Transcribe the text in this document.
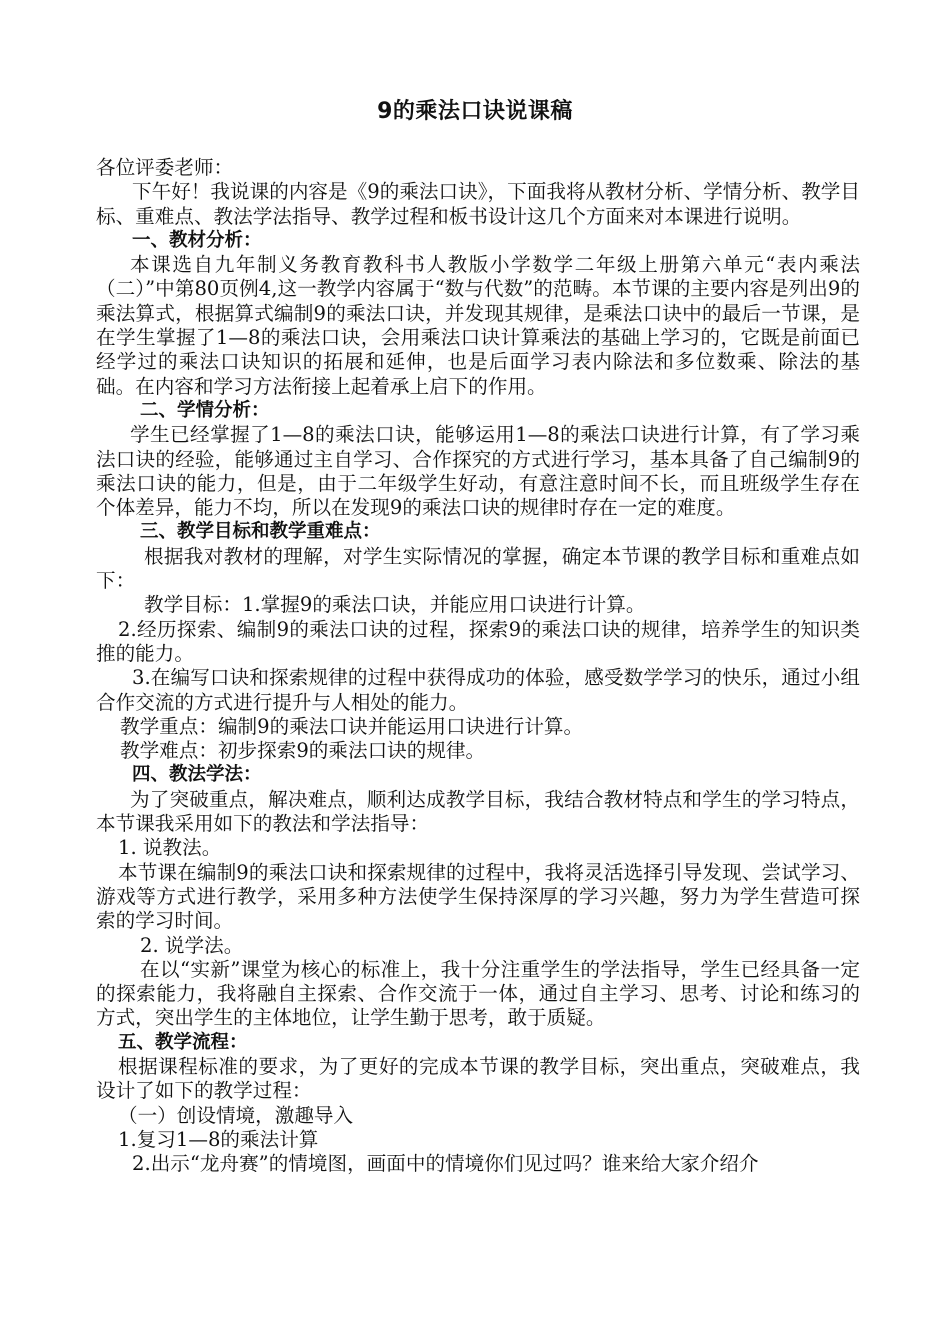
9的乘法口诀说课稿

各位评委老师：

下午好！我说课的内容是《9的乘法口诀》，下面我将从教材分析、学情分析、教学目标、重难点、教法学法指导、教学过程和板书设计这几个方面来对本课进行说明。

一、教材分析：

本课选自九年制义务教育教科书人教版小学数学二年级上册第六单元“表内乘法（二）”中第80页例4,这一教学内容属于“数与代数”的范畴。本节课的主要内容是列出9的乘法算式，根据算式编制9的乘法口诀，并发现其规律，是乘法口诀中的最后一节课，是在学生掌握了1—8的乘法口诀，会用乘法口诀计算乘法的基础上学习的，它既是前面已经学过的乘法口诀知识的拓展和延伸，也是后面学习表内除法和多位数乘、除法的基础。在内容和学习方法衔接上起着承上启下的作用。

二、学情分析：

学生已经掌握了1—8的乘法口诀，能够运用1—8的乘法口诀进行计算，有了学习乘法口诀的经验，能够通过主自学习、合作探究的方式进行学习，基本具备了自己编制9的乘法口诀的能力，但是，由于二年级学生好动，有意注意时间不长，而且班级学生存在个体差异，能力不均，所以在发现9的乘法口诀的规律时存在一定的难度。

三、教学目标和教学重难点：

根据我对教材的理解，对学生实际情况的掌握，确定本节课的教学目标和重难点如下：

教学目标：1.掌握9的乘法口诀，并能应用口诀进行计算。

2.经历探索、编制9的乘法口诀的过程，探索9的乘法口诀的规律，培养学生的知识类推的能力。

3.在编写口诀和探索规律的过程中获得成功的体验，感受数学学习的快乐，通过小组合作交流的方式进行提升与人相处的能力。

教学重点：编制9的乘法口诀并能运用口诀进行计算。

教学难点：初步探索9的乘法口诀的规律。

四、教法学法：

为了突破重点，解决难点，顺利达成教学目标，我结合教材特点和学生的学习特点，本节课我采用如下的教法和学法指导：

1. 说教法。

本节课在编制9的乘法口诀和探索规律的过程中，我将灵活选择引导发现、尝试学习、游戏等方式进行教学，采用多种方法使学生保持深厚的学习兴趣，努力为学生营造可探索的学习时间。

2. 说学法。

在以“实新”课堂为核心的标准上，我十分注重学生的学法指导，学生已经具备一定的探索能力，我将融自主探索、合作交流于一体，通过自主学习、思考、讨论和练习的方式，突出学生的主体地位，让学生勤于思考，敢于质疑。

五、教学流程：

根据课程标准的要求，为了更好的完成本节课的教学目标，突出重点，突破难点，我设计了如下的教学过程：

（一）创设情境，激趣导入

1.复习1—8的乘法计算

2.出示“龙舟赛”的情境图，画面中的情境你们见过吗？谁来给大家介绍介
